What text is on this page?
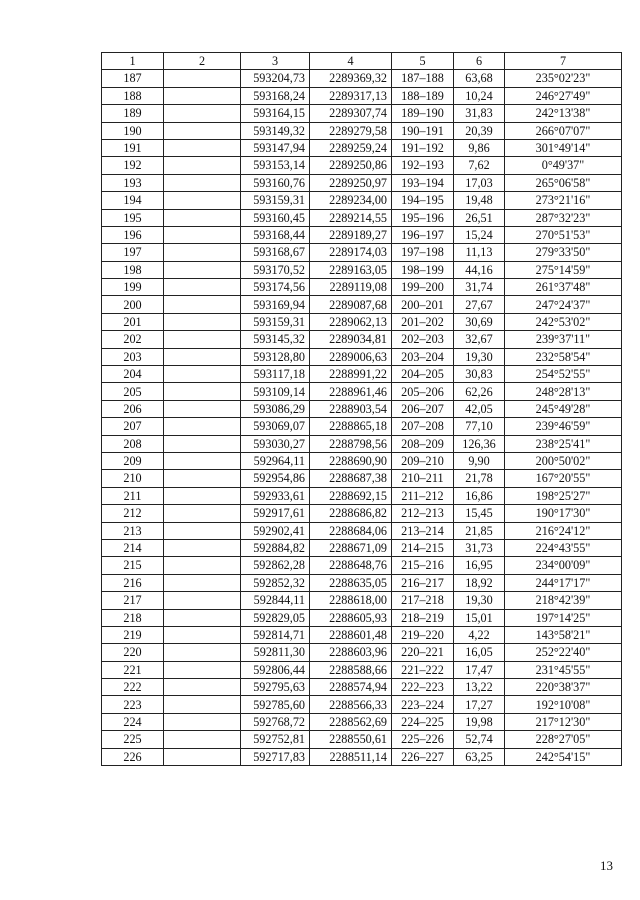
1	2	3	4	5	6	7
187		593204,73	2289369,32	187–188	63,68	235°02'23"
188		593168,24	2289317,13	188–189	10,24	246°27'49"
189		593164,15	2289307,74	189–190	31,83	242°13'38"
190		593149,32	2289279,58	190–191	20,39	266°07'07"
191		593147,94	2289259,24	191–192	9,86	301°49'14"
192		593153,14	2289250,86	192–193	7,62	0°49'37"
193		593160,76	2289250,97	193–194	17,03	265°06'58"
194		593159,31	2289234,00	194–195	19,48	273°21'16"
195		593160,45	2289214,55	195–196	26,51	287°32'23"
196		593168,44	2289189,27	196–197	15,24	270°51'53"
197		593168,67	2289174,03	197–198	11,13	279°33'50"
198		593170,52	2289163,05	198–199	44,16	275°14'59"
199		593174,56	2289119,08	199–200	31,74	261°37'48"
200		593169,94	2289087,68	200–201	27,67	247°24'37"
201		593159,31	2289062,13	201–202	30,69	242°53'02"
202		593145,32	2289034,81	202–203	32,67	239°37'11"
203		593128,80	2289006,63	203–204	19,30	232°58'54"
204		593117,18	2288991,22	204–205	30,83	254°52'55"
205		593109,14	2288961,46	205–206	62,26	248°28'13"
206		593086,29	2288903,54	206–207	42,05	245°49'28"
207		593069,07	2288865,18	207–208	77,10	239°46'59"
208		593030,27	2288798,56	208–209	126,36	238°25'41"
209		592964,11	2288690,90	209–210	9,90	200°50'02"
210		592954,86	2288687,38	210–211	21,78	167°20'55"
211		592933,61	2288692,15	211–212	16,86	198°25'27"
212		592917,61	2288686,82	212–213	15,45	190°17'30"
213		592902,41	2288684,06	213–214	21,85	216°24'12"
214		592884,82	2288671,09	214–215	31,73	224°43'55"
215		592862,28	2288648,76	215–216	16,95	234°00'09"
216		592852,32	2288635,05	216–217	18,92	244°17'17"
217		592844,11	2288618,00	217–218	19,30	218°42'39"
218		592829,05	2288605,93	218–219	15,01	197°14'25"
219		592814,71	2288601,48	219–220	4,22	143°58'21"
220		592811,30	2288603,96	220–221	16,05	252°22'40"
221		592806,44	2288588,66	221–222	17,47	231°45'55"
222		592795,63	2288574,94	222–223	13,22	220°38'37"
223		592785,60	2288566,33	223–224	17,27	192°10'08"
224		592768,72	2288562,69	224–225	19,98	217°12'30"
225		592752,81	2288550,61	225–226	52,74	228°27'05"
226		592717,83	2288511,14	226–227	63,25	242°54'15"
13
